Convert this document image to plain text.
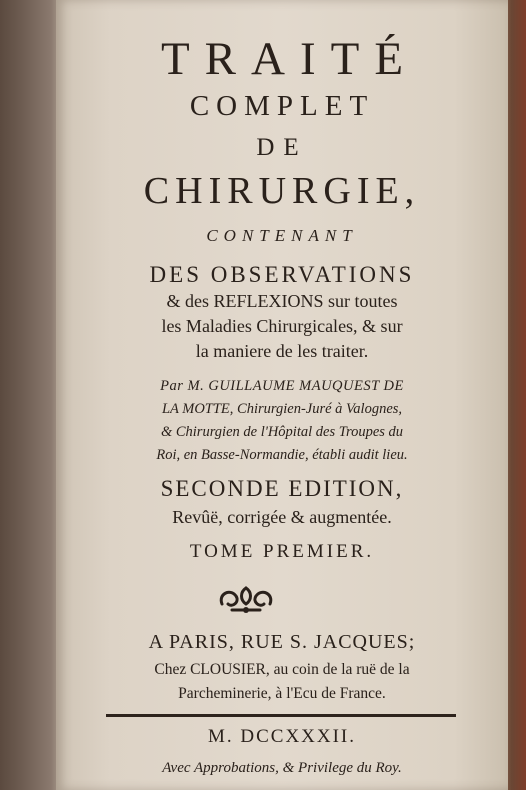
TRAITÉ

COMPLET

DE

CHIRURGIE,

CONTENANT

DES OBSERVATIONS

& des REFLEXIONS sur toutes

les Maladies Chirurgicales, & sur

la maniere de les traiter.

Par M. GUILLAUME MAUQUEST DE

LA MOTTE, Chirurgien-Juré à Valognes,

& Chirurgien de l'Hôpital des Troupes du

Roi, en Basse-Normandie, établi audit lieu.

SECONDE EDITION,

Revûë, corrigée & augmentée.

TOME PREMIER.

A PARIS, RUE S. JACQUES;

Chez CLOUSIER, au coin de la ruë de la

Parcheminerie, à l'Ecu de France.

M. DCCXXXII.

Avec Approbations, & Privilege du Roy.
